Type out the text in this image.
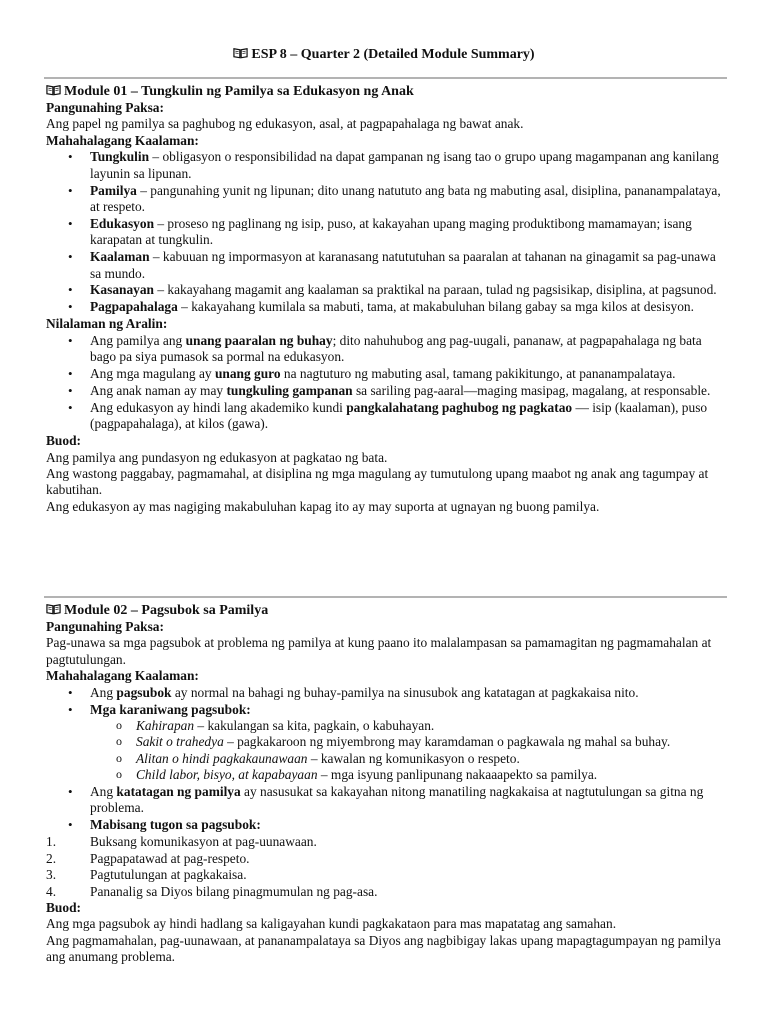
ESP 8 – Quarter 2 (Detailed Module Summary)
Module 01 – Tungkulin ng Pamilya sa Edukasyon ng Anak

Pangunahing Paksa:

Ang papel ng pamilya sa paghubog ng edukasyon, asal, at pagpapahalaga ng bawat anak.

Mahahalagang Kaalaman:

• Tungkulin – obligasyon o responsibilidad na dapat gampanan ng isang tao o grupo upang magampanan ang kanilang layunin sa lipunan.
• Pamilya – pangunahing yunit ng lipunan; dito unang natututo ang bata ng mabuting asal, disiplina, pananampalataya, at respeto.
• Edukasyon – proseso ng paglinang ng isip, puso, at kakayahan upang maging produktibong mamamayan; isang karapatan at tungkulin.
• Kaalaman – kabuuan ng impormasyon at karanasang natututuhan sa paaralan at tahanan na ginagamit sa pag-unawa sa mundo.
• Kasanayan – kakayahang magamit ang kaalaman sa praktikal na paraan, tulad ng pagsisikap, disiplina, at pagsunod.
• Pagpapahalaga – kakayahang kumilala sa mabuti, tama, at makabuluhan bilang gabay sa mga kilos at desisyon.

Nilalaman ng Aralin:

• Ang pamilya ang unang paaralan ng buhay; dito nahuhubog ang pag-uugali, pananaw, at pagpapahalaga ng bata bago pa siya pumasok sa pormal na edukasyon.
• Ang mga magulang ay unang guro na nagtuturo ng mabuting asal, tamang pakikitungo, at pananampalataya.
• Ang anak naman ay may tungkuling gampanan sa sariling pag-aaral—maging masipag, magalang, at responsable.
• Ang edukasyon ay hindi lang akademiko kundi pangkalahatang paghubog ng pagkatao — isip (kaalaman), puso (pagpapahalaga), at kilos (gawa).

Buod:

Ang pamilya ang pundasyon ng edukasyon at pagkatao ng bata.

Ang wastong paggabay, pagmamahal, at disiplina ng mga magulang ay tumutulong upang maabot ng anak ang tagumpay at kabutihan.

Ang edukasyon ay mas nagiging makabuluhan kapag ito ay may suporta at ugnayan ng buong pamilya.

Module 02 – Pagsubok sa Pamilya

Pangunahing Paksa:

Pag-unawa sa mga pagsubok at problema ng pamilya at kung paano ito malalampasan sa pamamagitan ng pagmamahalan at pagtutulungan.

Mahahalagang Kaalaman:

• Ang pagsubok ay normal na bahagi ng buhay-pamilya na sinusubok ang katatagan at pagkakaisa nito.
• Mga karaniwang pagsubok:
o Kahirapan – kakulangan sa kita, pagkain, o kabuhayan.
o Sakit o trahedya – pagkakaroon ng miyembrong may karamdaman o pagkawala ng mahal sa buhay.
o Alitan o hindi pagkakaunawaan – kawalan ng komunikasyon o respeto.
o Child labor, bisyo, at kapabayaan – mga isyung panlipunang nakaaapekto sa pamilya.
• Ang katatagan ng pamilya ay nasusukat sa kakayahan nitong manatiling nagkakaisa at nagtutulungan sa gitna ng problema.
• Mabisang tugon sa pagsubok:
1.	Buksang komunikasyon at pag-uunawaan.
2.	Pagpapatawad at pag-respeto.
3.	Pagtutulungan at pagkakaisa.
4.	Pananalig sa Diyos bilang pinagmumulan ng pag-asa.

Buod:

Ang mga pagsubok ay hindi hadlang sa kaligayahan kundi pagkakataon para mas mapatatag ang samahan.

Ang pagmamahalan, pag-uunawaan, at pananampalataya sa Diyos ang nagbibigay lakas upang mapagtagumpayan ng pamilya ang anumang problema.
